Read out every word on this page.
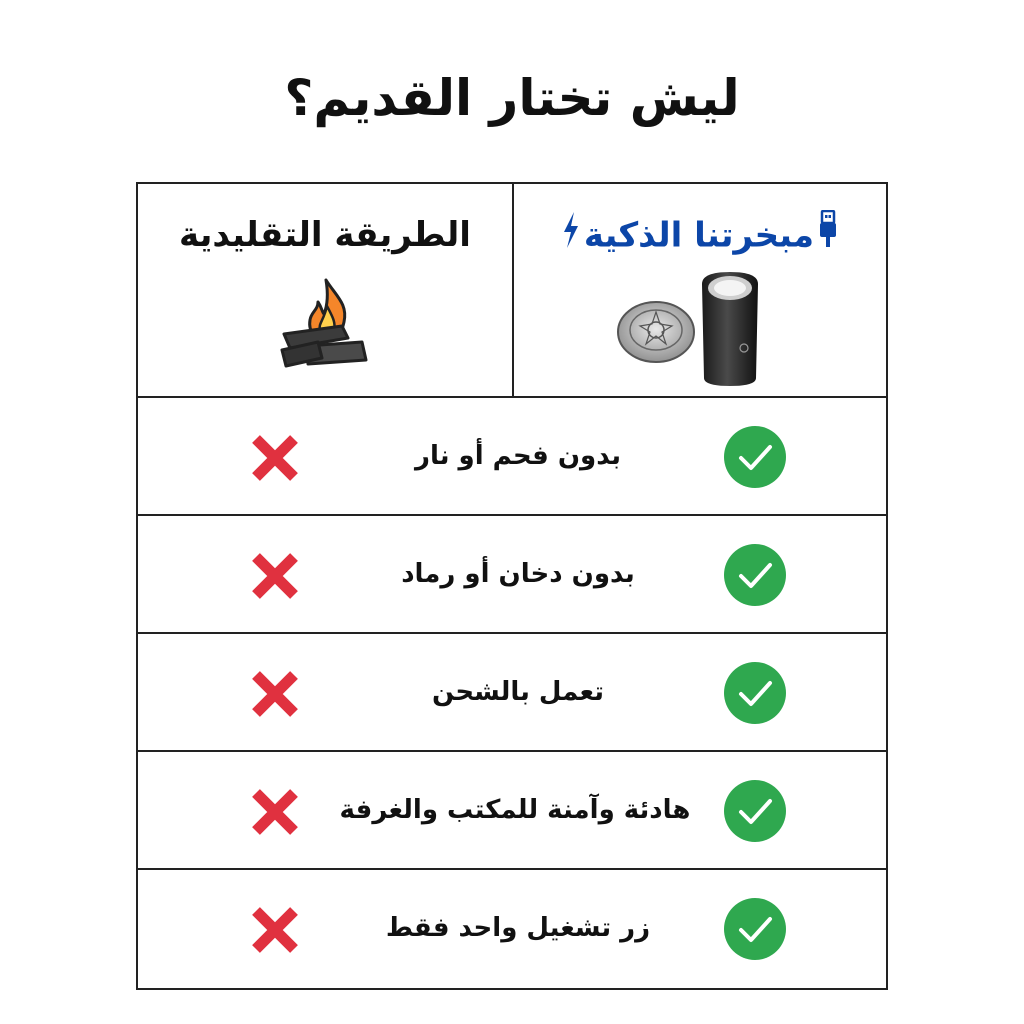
ليش تختار القديم؟
مبخرتنا الذكية
الطريقة التقليدية
بدون فحم أو نار
بدون دخان أو رماد
تعمل بالشحن
هادئة وآمنة للمكتب والغرفة
زر تشغيل واحد فقط
